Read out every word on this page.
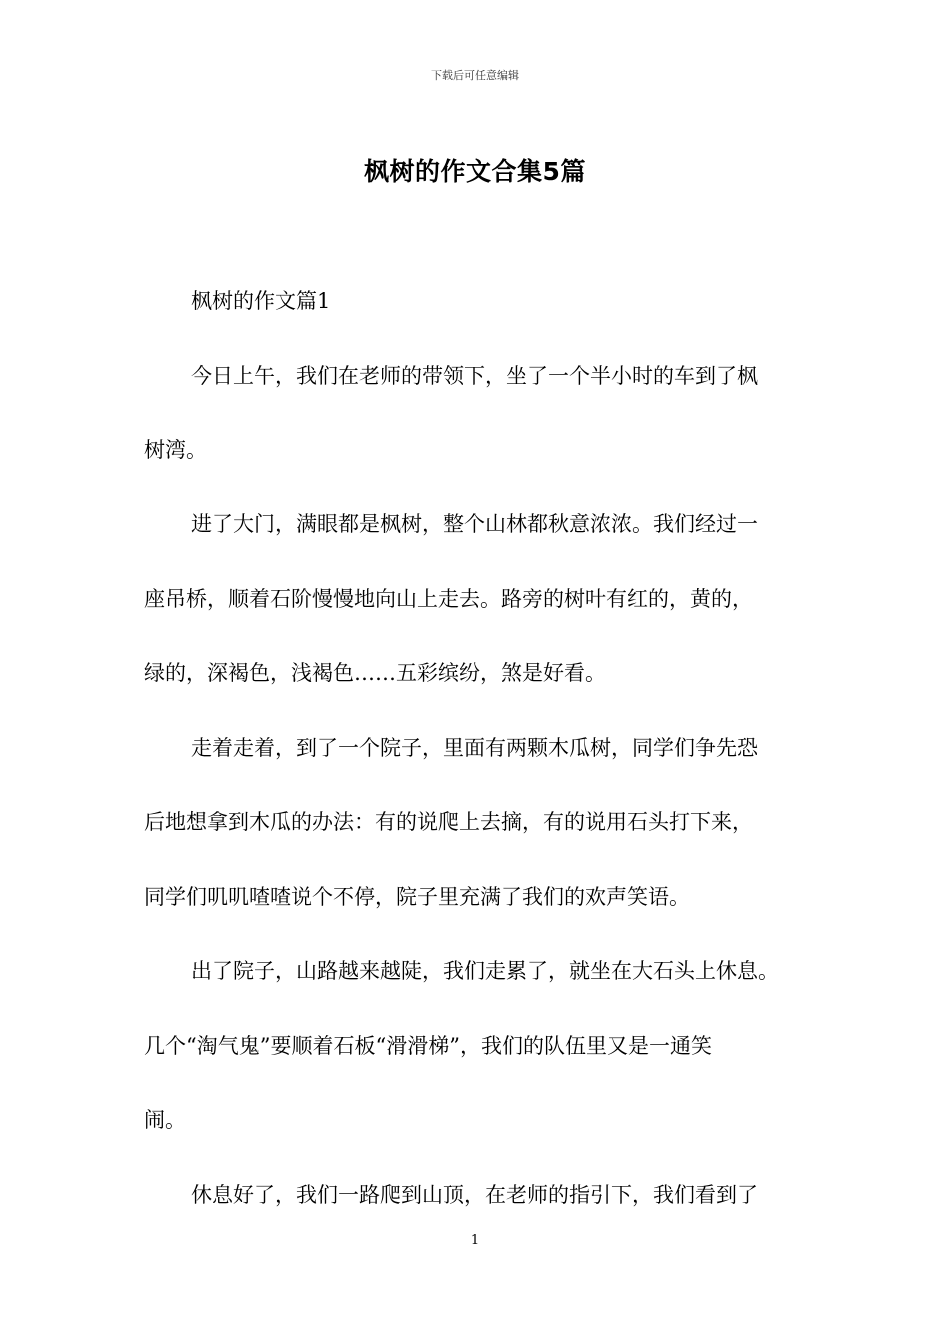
下载后可任意编辑
枫树的作文合集5篇
枫树的作文篇1
今日上午，我们在老师的带领下，坐了一个半小时的车到了枫
树湾。
进了大门，满眼都是枫树，整个山林都秋意浓浓。我们经过一
座吊桥，顺着石阶慢慢地向山上走去。路旁的树叶有红的，黄的，
绿的，深褐色，浅褐色……五彩缤纷，煞是好看。
走着走着，到了一个院子，里面有两颗木瓜树，同学们争先恐
后地想拿到木瓜的办法：有的说爬上去摘，有的说用石头打下来，
同学们叽叽喳喳说个不停，院子里充满了我们的欢声笑语。
出了院子，山路越来越陡，我们走累了，就坐在大石头上休息。
几个“淘气鬼”要顺着石板“滑滑梯”，我们的队伍里又是一通笑
闹。
休息好了，我们一路爬到山顶，在老师的指引下，我们看到了
1
